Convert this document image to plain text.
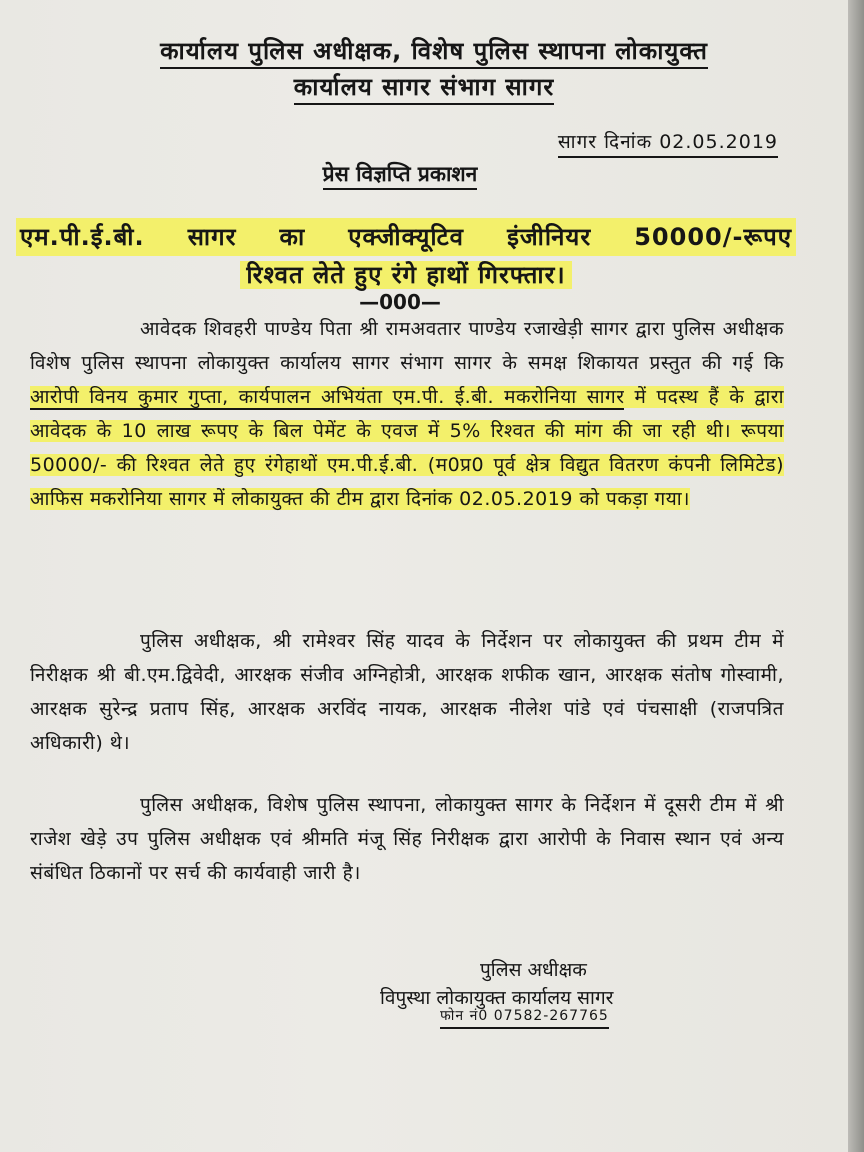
कार्यालय पुलिस अधीक्षक, विशेष पुलिस स्थापना लोकायुक्त
कार्यालय सागर संभाग सागर
सागर दिनांक 02.05.2019
प्रेस विज्ञप्ति प्रकाशन
एम.पी.ई.बी. सागर का एक्जीक्यूटिव इंजीनियर 50000/-रूपए
रिश्वत लेते हुए रंगे हाथों गिरफ्तार।
—000—
आवेदक शिवहरी पाण्डेय पिता श्री रामअवतार पाण्डेय रजाखेड़ी सागर द्वारा पुलिस अधीक्षक विशेष पुलिस स्थापना लोकायुक्त कार्यालय सागर संभाग सागर के समक्ष शिकायत प्रस्तुत की गई कि आरोपी विनय कुमार गुप्ता, कार्यपालन अभियंता एम.पी. ई.बी. मकरोनिया सागर में पदस्थ हैं के द्वारा आवेदक के 10 लाख रूपए के बिल पेमेंट के एवज में 5% रिश्वत की मांग की जा रही थी। रूपया 50000/- की रिश्वत लेते हुए रंगेहाथों एम.पी.ई.बी. (म0प्र0 पूर्व क्षेत्र विद्युत वितरण कंपनी लिमिटेड) आफिस मकरोनिया सागर में लोकायुक्त की टीम द्वारा दिनांक 02.05.2019 को पकड़ा गया।
पुलिस अधीक्षक, श्री रामेश्वर सिंह यादव के निर्देशन पर लोकायुक्त की प्रथम टीम में निरीक्षक श्री बी.एम.द्विवेदी, आरक्षक संजीव अग्निहोत्री, आरक्षक शफीक खान, आरक्षक संतोष गोस्वामी, आरक्षक सुरेन्द्र प्रताप सिंह, आरक्षक अरविंद नायक, आरक्षक नीलेश पांडे एवं पंचसाक्षी (राजपत्रित अधिकारी) थे।
पुलिस अधीक्षक, विशेष पुलिस स्थापना, लोकायुक्त सागर के निर्देशन में दूसरी टीम में श्री राजेश खेड़े उप पुलिस अधीक्षक एवं श्रीमति मंजू सिंह निरीक्षक द्वारा आरोपी के निवास स्थान एवं अन्य संबंधित ठिकानों पर सर्च की कार्यवाही जारी है।
पुलिस अधीक्षक
विपुस्था लोकायुक्त कार्यालय सागर
फोन नं0 07582-267765
